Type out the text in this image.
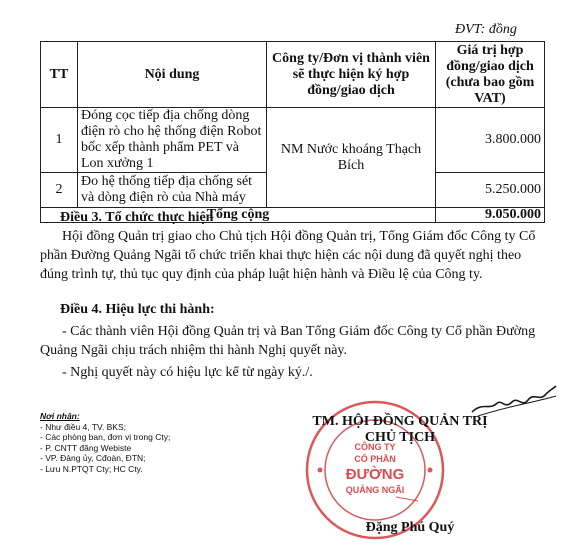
ĐVT: đồng
TT	Nội dung	Công ty/Đơn vị thành viên sẽ thực hiện ký hợp đồng/giao dịch	Giá trị hợp đồng/giao dịch (chưa bao gồm VAT)
1	Đóng cọc tiếp địa chống dòng điện rò cho hệ thống điện Robot bốc xếp thành phẩm PET và Lon xưởng 1	NM Nước khoáng Thạch Bích	3.800.000
2	Đo hệ thống tiếp địa chống sét và dòng điện rò của Nhà máy		5.250.000
Tổng cộng			9.050.000
Điều 3. Tổ chức thực hiện
Hội đồng Quản trị giao cho Chủ tịch Hội đồng Quản trị, Tổng Giám đốc Công ty Cổ phần Đường Quảng Ngãi tổ chức triển khai thực hiện các nội dung đã quyết nghị theo đúng trình tự, thủ tục quy định của pháp luật hiện hành và Điều lệ của Công ty.
Điều 4. Hiệu lực thi hành:
- Các thành viên Hội đồng Quản trị và Ban Tổng Giám đốc Công ty Cổ phần Đường Quảng Ngãi chịu trách nhiệm thi hành Nghị quyết này.
- Nghị quyết này có hiệu lực kể từ ngày ký./.
Nơi nhận:
- Như điều 4, TV. BKS;
- Các phòng ban, đơn vị trong Cty;
- P. CNTT đăng Webiste
- VP. Đảng ủy, Cđoàn, ĐTN;
- Lưu N.PTQT Cty; HC Cty.
CÔNG TY
CỔ PHẦN
ĐƯỜNG
QUẢNG NGÃI
TM. HỘI ĐỒNG QUẢN TRỊ
CHỦ TỊCH
Đặng Phú Quý
